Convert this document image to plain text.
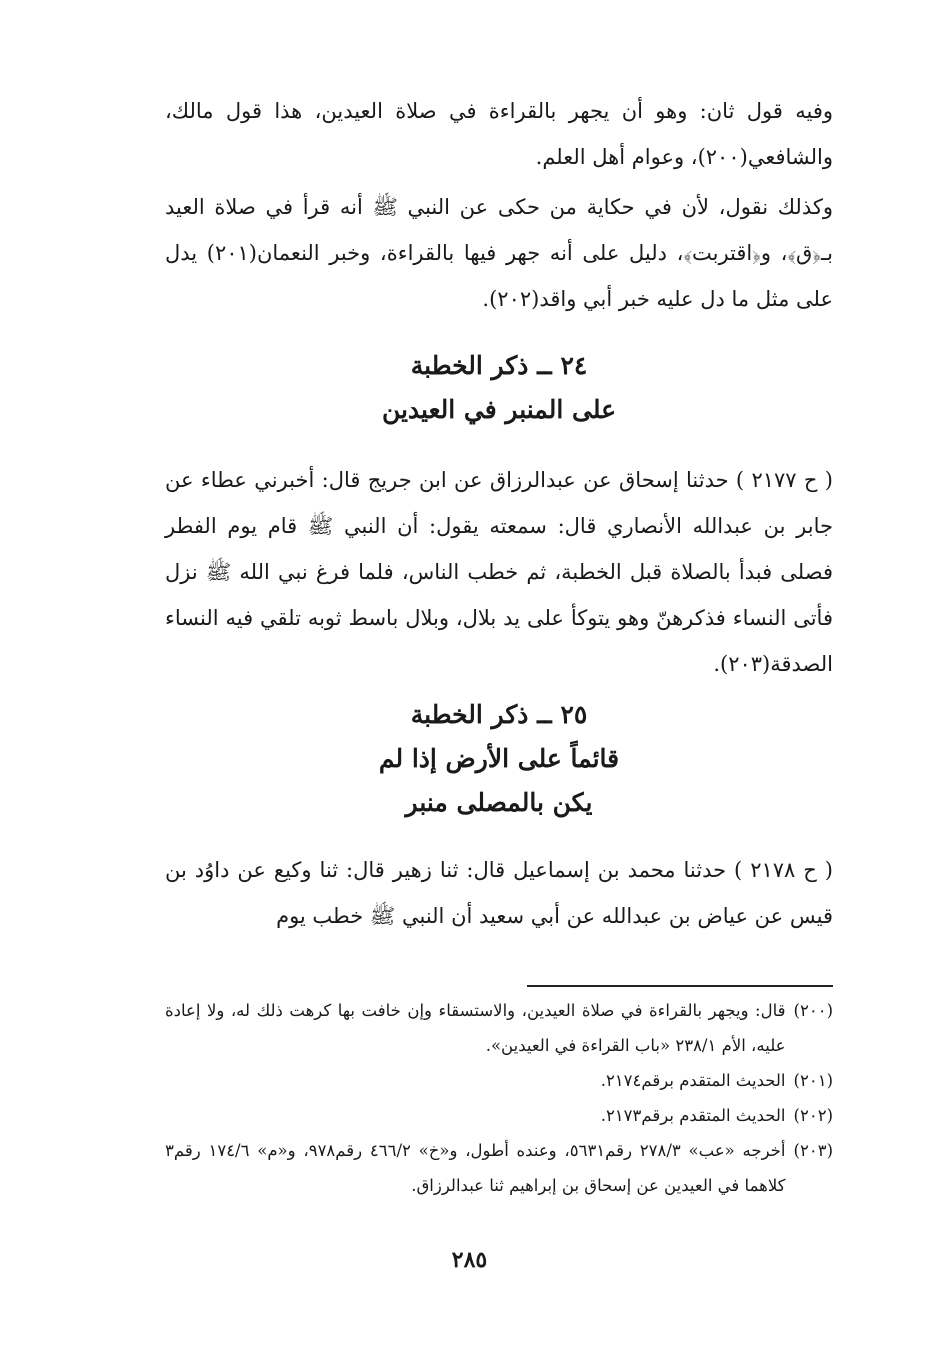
وفيه قول ثان: وهو أن يجهر بالقراءة في صلاة العيدين، هذا قول مالك، والشافعي(٢٠٠)، وعوام أهل العلم.

وكذلك نقول، لأن في حكاية من حكى عن النبي ﷺ أنه قرأ في صلاة العيد بـ﴿ق﴾، و﴿اقتربت﴾، دليل على أنه جهر فيها بالقراءة، وخبر النعمان(٢٠١) يدل على مثل ما دل عليه خبر أبي واقد(٢٠٢).

٢٤ ــ ذكر الخطبة
على المنبر في العيدين

( ح ٢١٧٧ ) حدثنا إسحاق عن عبدالرزاق عن ابن جريج قال: أخبرني عطاء عن جابر بن عبدالله الأنصاري قال: سمعته يقول: أن النبي ﷺ قام يوم الفطر فصلى فبدأ بالصلاة قبل الخطبة، ثم خطب الناس، فلما فرغ نبي الله ﷺ نزل فأتى النساء فذكرهنّ وهو يتوكأ على يد بلال، وبلال باسط ثوبه تلقي فيه النساء الصدقة(٢٠٣).

٢٥ ــ ذكر الخطبة
قائماً على الأرض إذا لم
يكن بالمصلى منبر

( ح ٢١٧٨ ) حدثنا محمد بن إسماعيل قال: ثنا زهير قال: ثنا وكيع عن داوُد بن قيس عن عياض بن عبدالله عن أبي سعيد أن النبي ﷺ خطب يوم

(٢٠٠)
قال: ويجهر بالقراءة في صلاة العيدين، والاستسقاء وإن خافت بها كرهت ذلك له، ولا إعادة عليه، الأم ٢٣٨/١ «باب القراءة في العيدين».
(٢٠١)
الحديث المتقدم برقم٢١٧٤.
(٢٠٢)
الحديث المتقدم برقم٢١٧٣.
(٢٠٣)
أخرجه «عب» ٢٧٨/٣ رقم٥٦٣١، وعنده أطول، و«خ» ٤٦٦/٢ رقم٩٧٨، و«م» ١٧٤/٦ رقم٣ كلاهما في العيدين عن إسحاق بن إبراهيم ثنا عبدالرزاق.
٢٨٥
